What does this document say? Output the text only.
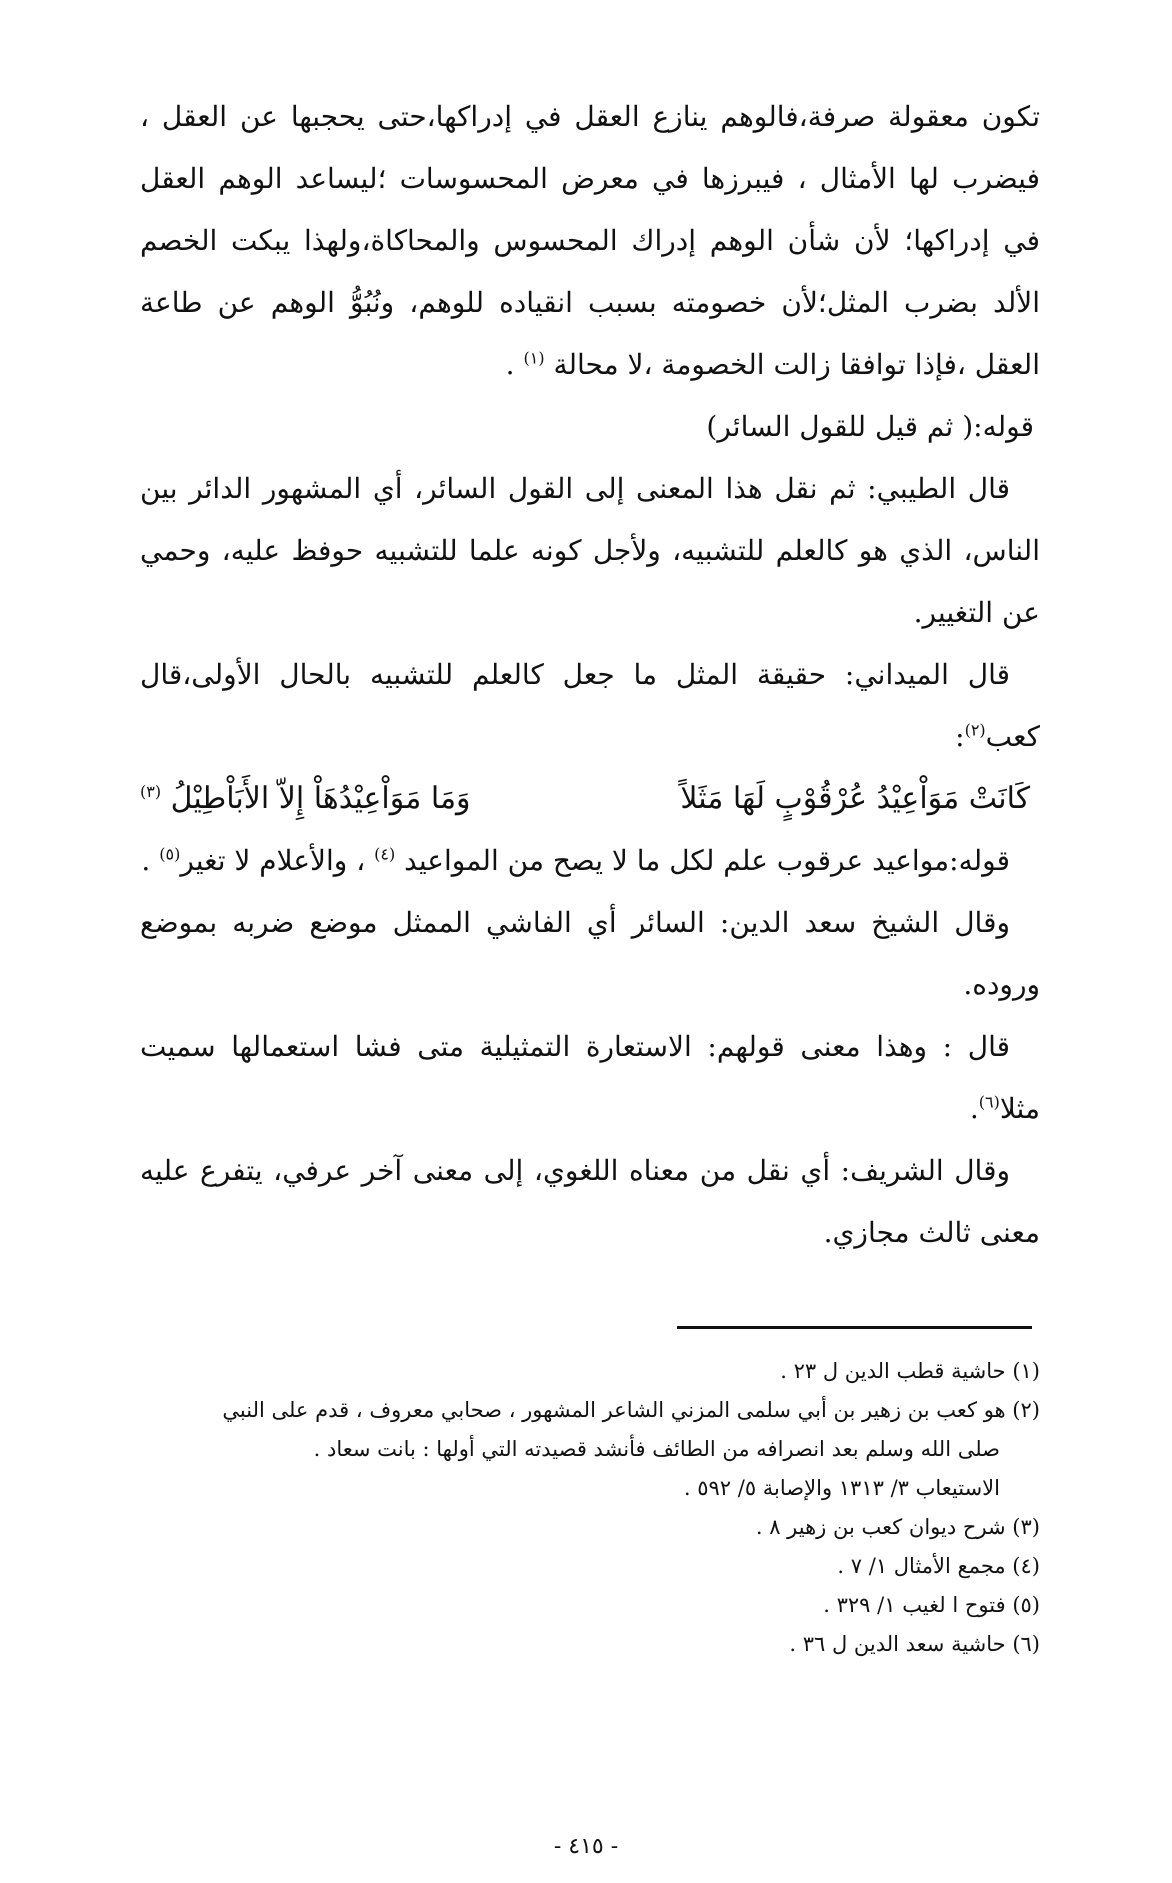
تكون معقولة صرفة،فالوهم ينازع العقل في إدراكها،حتى يحجبها عن العقل ، فيضرب لها الأمثال ، فيبرزها في معرض المحسوسات ؛ليساعد الوهم العقل في إدراكها؛ لأن شأن الوهم إدراك المحسوس والمحاكاة،ولهذا يبكت الخصم الألد بضرب المثل؛لأن خصومته بسبب انقياده للوهم، ونُبُوُّ الوهم عن طاعة العقل ،فإذا توافقا زالت الخصومة ،لا محالة $^{(١)}$ .

قوله:( ثم قيل للقول السائر)

قال الطيبي: ثم نقل هذا المعنى إلى القول السائر، أي المشهور الدائر بين الناس، الذي هو كالعلم للتشبيه، ولأجل كونه علما للتشبيه حوفظ عليه، وحمي عن التغيير.

قال الميداني: حقيقة المثل ما جعل كالعلم للتشبيه بالحال الأولى،قال كعب$^{(٢)}$:

كَانَتْ مَوَاْعِيْدُ عُرْقُوْبٍ لَهَا مَثَلاً
وَمَا مَوَاْعِيْدُهَاْ إِلاّ الأَبَاْطِيْلُ $^{(٣)}$

قوله:مواعيد عرقوب علم لكل ما لا يصح من المواعيد $^{(٤)}$ ، والأعلام لا تغير$^{(٥)}$ .

وقال الشيخ سعد الدين: السائر أي الفاشي الممثل موضع ضربه بموضع وروده.

قال : وهذا معنى قولهم: الاستعارة التمثيلية متى فشا استعمالها سميت مثلا$^{(٦)}$.

وقال الشريف: أي نقل من معناه اللغوي، إلى معنى آخر عرفي، يتفرع عليه معنى ثالث مجازي.

(١) حاشية قطب الدين ل ٢٣ .

(٢) هو كعب بن زهير بن أبي سلمى المزني الشاعر المشهور ، صحابي معروف ، قدم على النبي

صلى الله وسلم بعد انصرافه من الطائف فأنشد قصيدته التي أولها : بانت سعاد .

الاستيعاب ٣/ ١٣١٣ والإصابة ٥/ ٥٩٢ .

(٣) شرح ديوان كعب بن زهير ٨ .

(٤) مجمع الأمثال ١/ ٧ .

(٥) فتوح ا لغيب ١/ ٣٢٩ .

(٦) حاشية سعد الدين ل ٣٦ .

- ٤١٥ -
